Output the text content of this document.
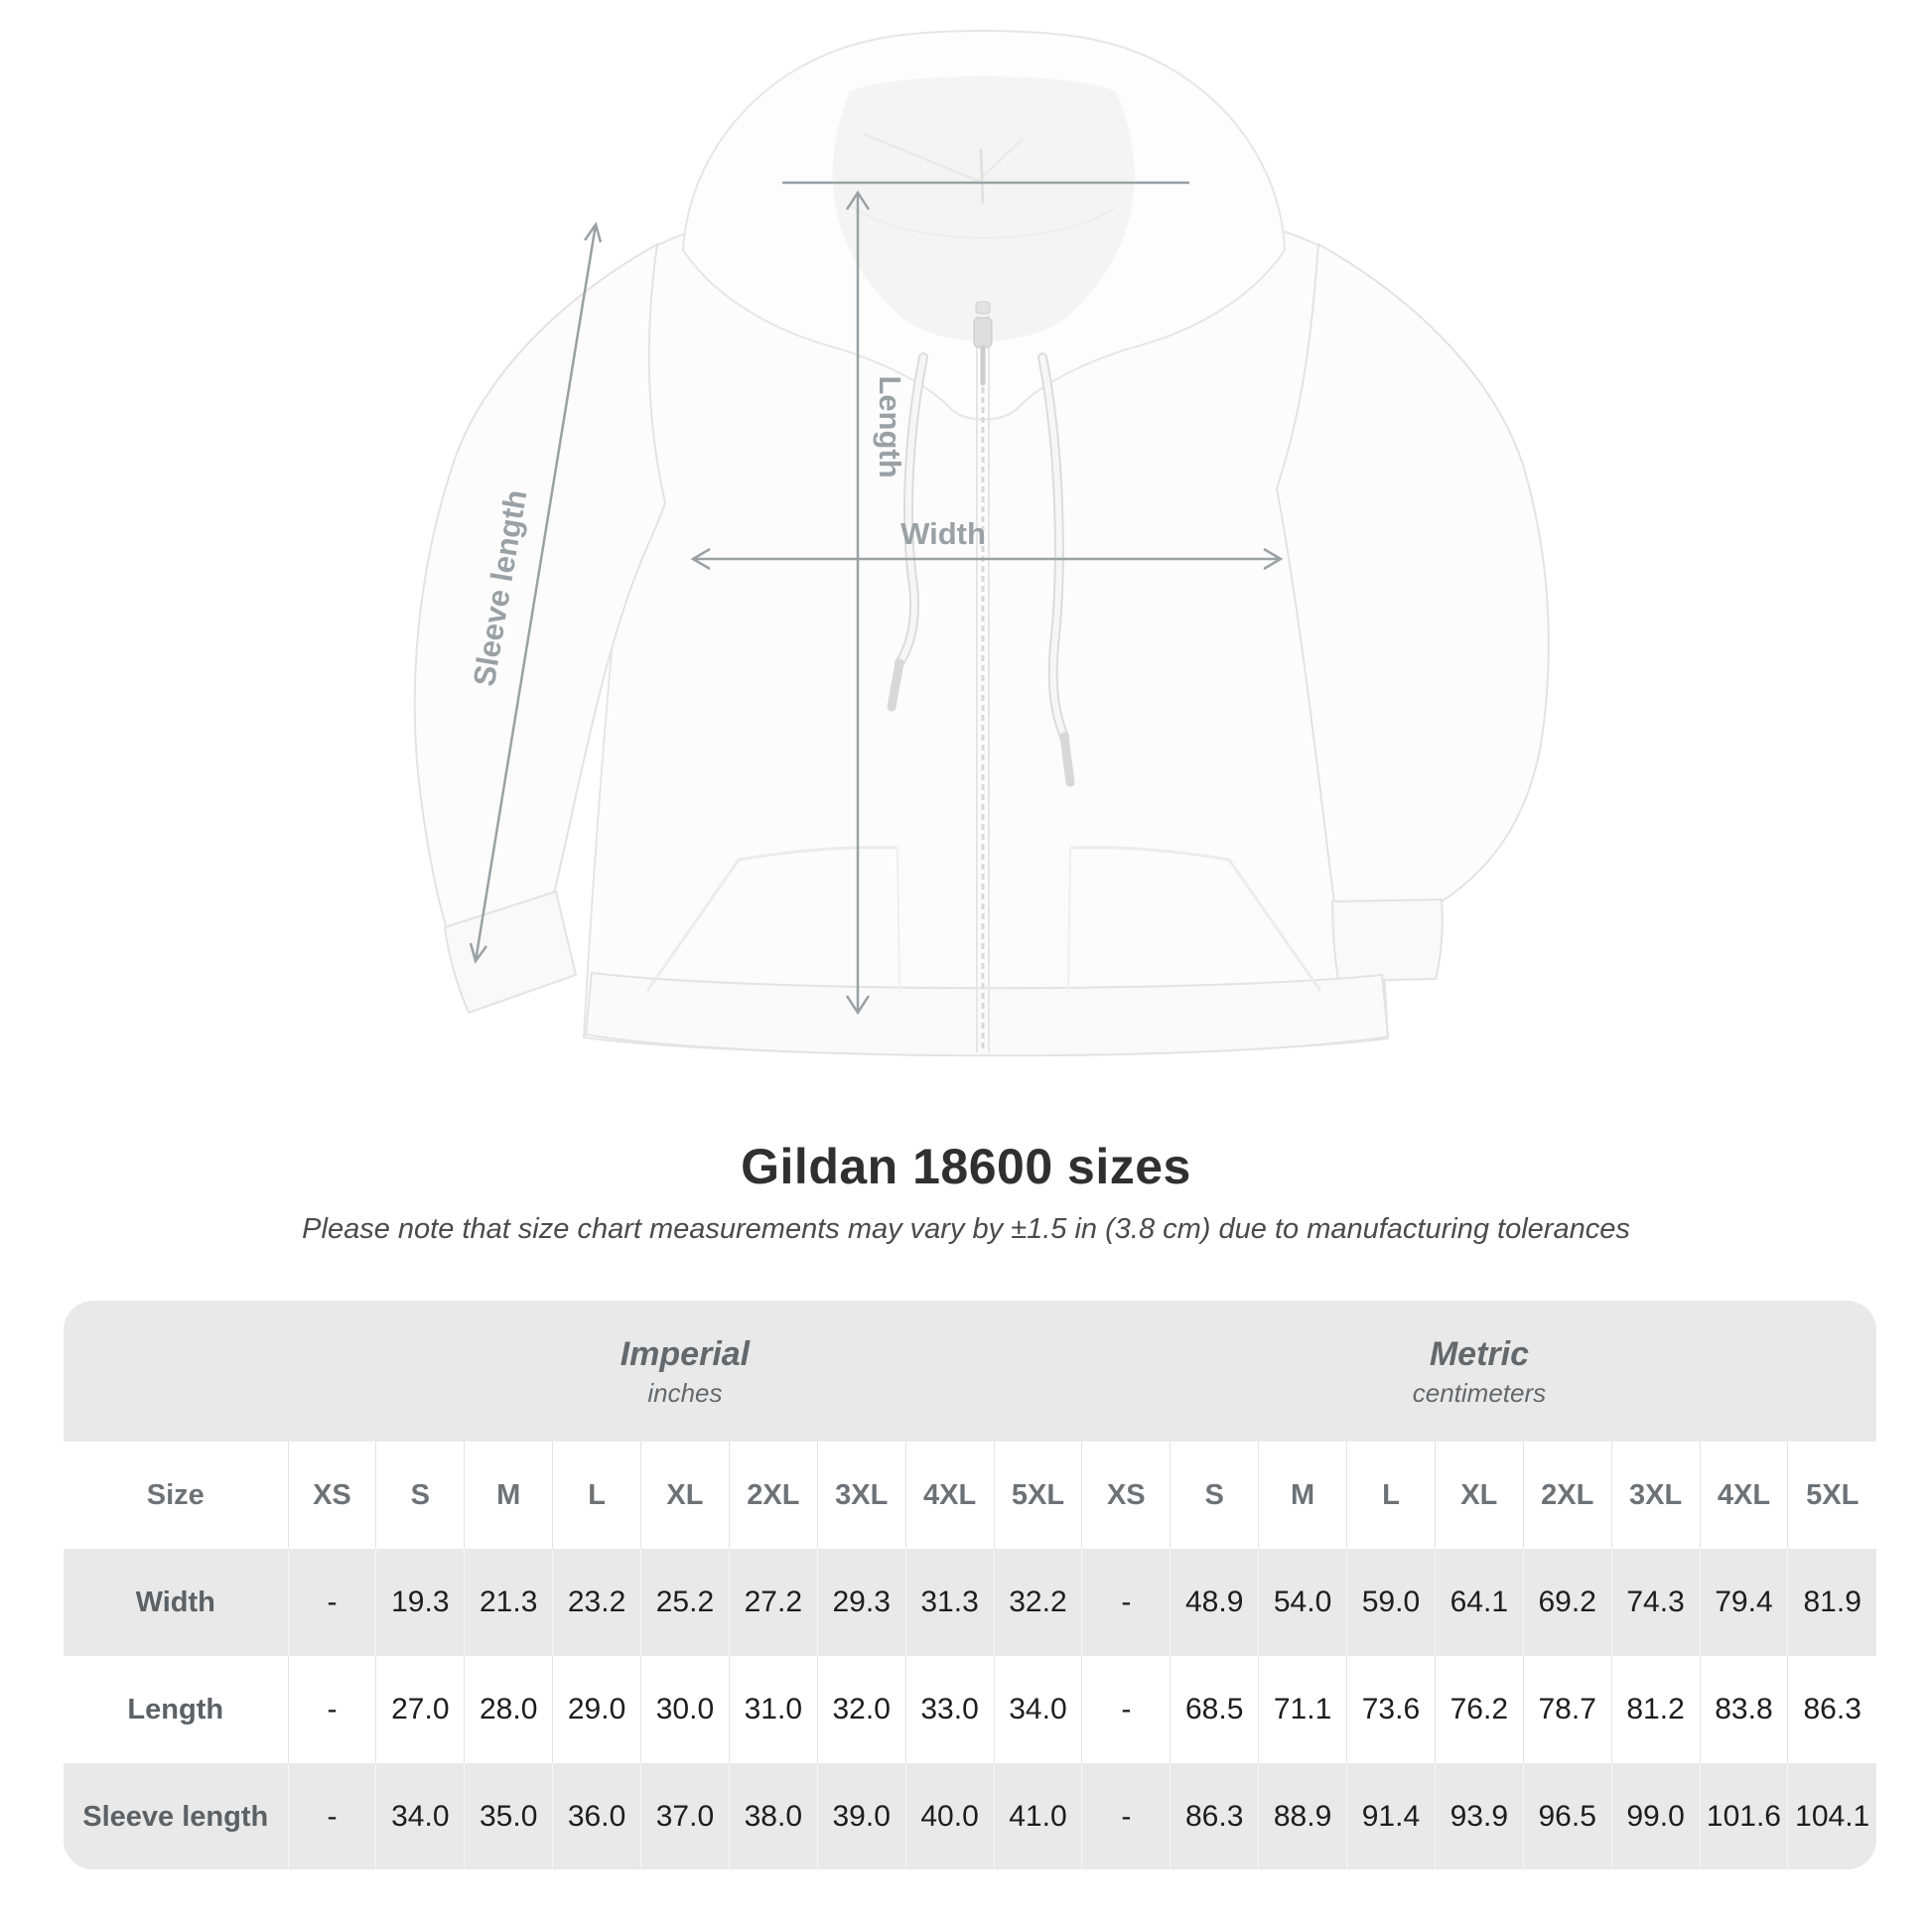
Length
Width
Sleeve length
Gildan 18600 sizes
Please note that size chart measurements may vary by ±1.5 in (3.8 cm) due to manufacturing tolerances

Imperial
inches

Metric
centimeters

Size	XS	S	M	L	XL	2XL	3XL	4XL	5XL	XS	S	M	L	XL	2XL	3XL	4XL	5XL
Width	-	19.3	21.3	23.2	25.2	27.2	29.3	31.3	32.2	-	48.9	54.0	59.0	64.1	69.2	74.3	79.4	81.9
Length	-	27.0	28.0	29.0	30.0	31.0	32.0	33.0	34.0	-	68.5	71.1	73.6	76.2	78.7	81.2	83.8	86.3
Sleeve length	-	34.0	35.0	36.0	37.0	38.0	39.0	40.0	41.0	-	86.3	88.9	91.4	93.9	96.5	99.0	101.6	104.1
